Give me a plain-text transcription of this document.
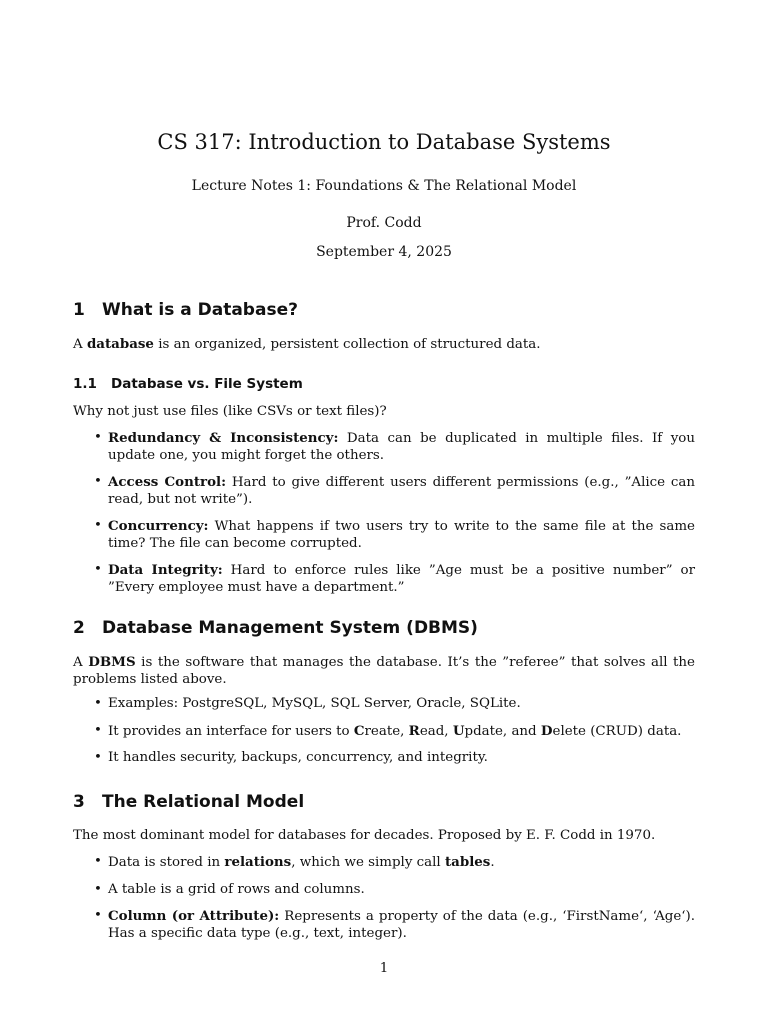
CS 317: Introduction to Database Systems
Lecture Notes 1: Foundations & The Relational Model
Prof. Codd
September 4, 2025
1 What is a Database?
A database is an organized, persistent collection of structured data.
1.1 Database vs. File System
Why not just use files (like CSVs or text files)?
• Redundancy & Inconsistency: Data can be duplicated in multiple files. If you update one, you might forget the others.
• Access Control: Hard to give different users different permissions (e.g., ”Alice can read, but not write”).
• Concurrency: What happens if two users try to write to the same file at the same time? The file can become corrupted.
• Data Integrity: Hard to enforce rules like ”Age must be a positive number” or ”Every employee must have a department.”
2 Database Management System (DBMS)
A DBMS is the software that manages the database. It’s the ”referee” that solves all the problems listed above.
• Examples: PostgreSQL, MySQL, SQL Server, Oracle, SQLite.
• It provides an interface for users to Create, Read, Update, and Delete (CRUD) data.
• It handles security, backups, concurrency, and integrity.
3 The Relational Model
The most dominant model for databases for decades. Proposed by E. F. Codd in 1970.
• Data is stored in relations, which we simply call tables.
• A table is a grid of rows and columns.
• Column (or Attribute): Represents a property of the data (e.g., ‘FirstName‘, ‘Age‘). Has a specific data type (e.g., text, integer).
1
